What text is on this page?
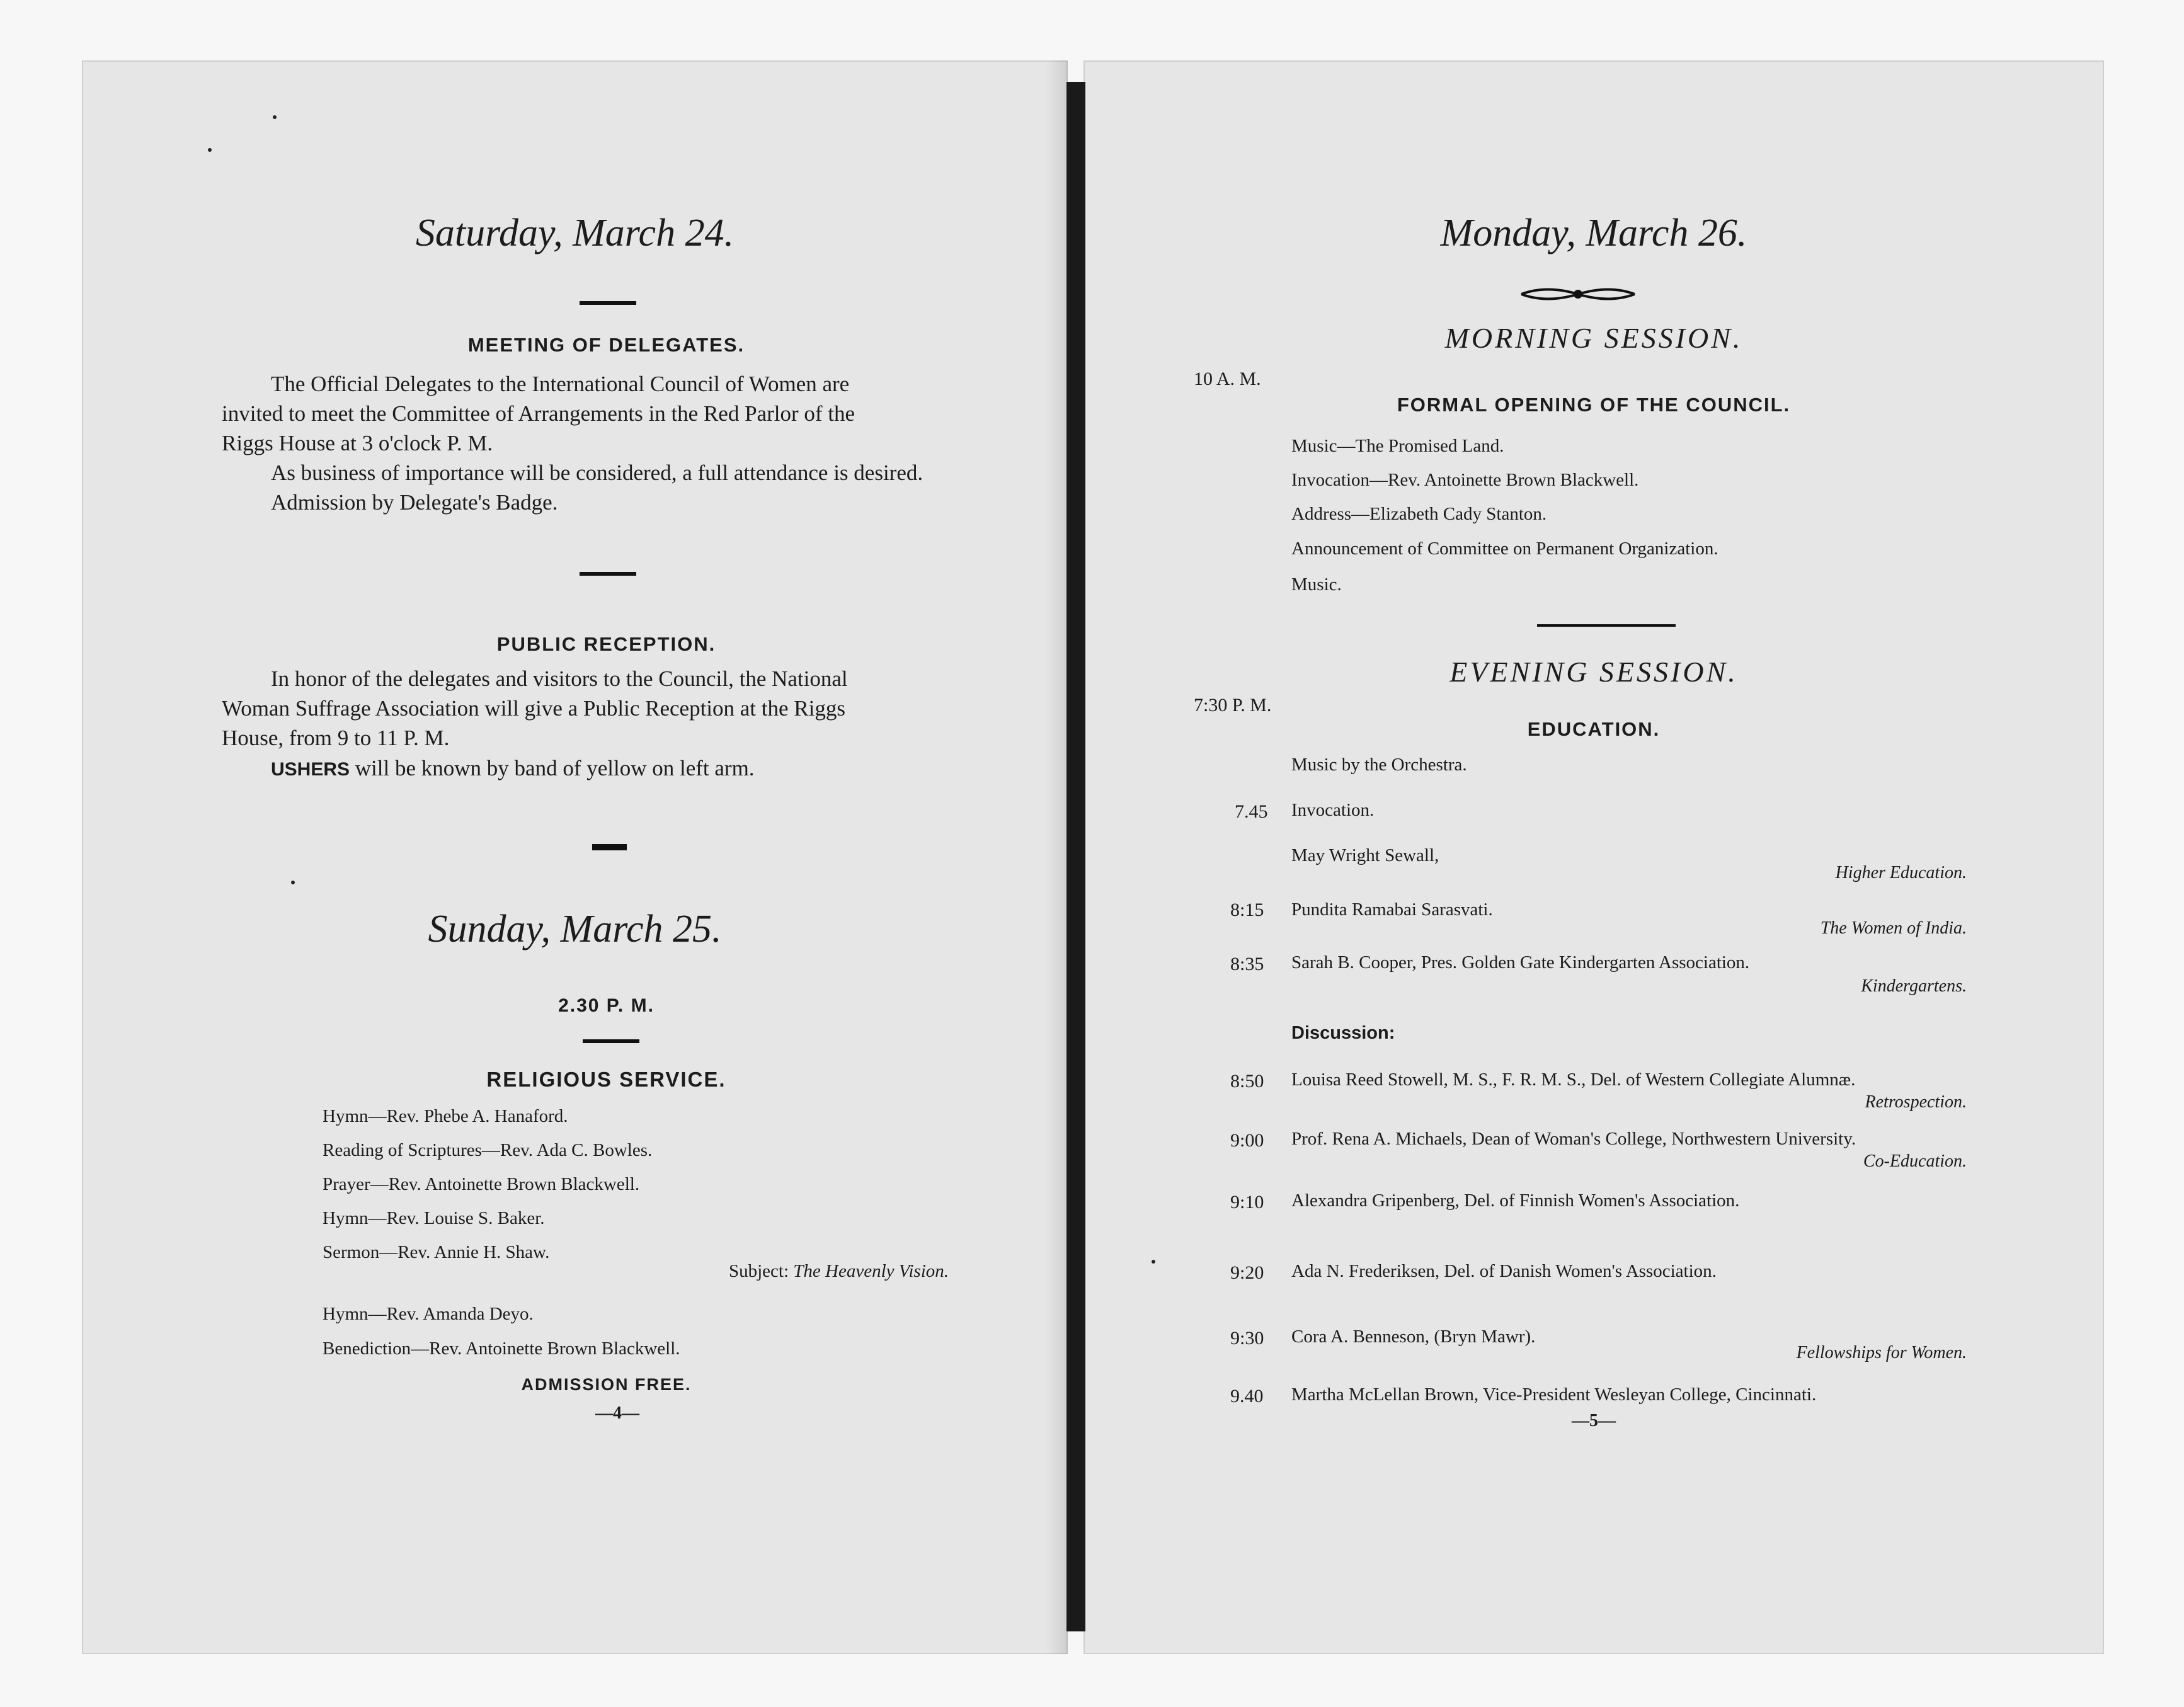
Saturday, March 24.
MEETING OF DELEGATES.
The Official Delegates to the International Council of Women are
invited to meet the Committee of Arrangements in the Red Parlor of the
Riggs House at 3 o'clock P. M.
As business of importance will be considered, a full attendance is desired.
Admission by Delegate's Badge.
PUBLIC RECEPTION.
In honor of the delegates and visitors to the Council, the National
Woman Suffrage Association will give a Public Reception at the Riggs
House, from 9 to 11 P. M.
USHERS will be known by band of yellow on left arm.
Sunday, March 25.
2.30 P. M.
RELIGIOUS SERVICE.
Hymn—Rev. Phebe A. Hanaford.
Reading of Scriptures—Rev. Ada C. Bowles.
Prayer—Rev. Antoinette Brown Blackwell.
Hymn—Rev. Louise S. Baker.
Sermon—Rev. Annie H. Shaw.
Subject: The Heavenly Vision.
Hymn—Rev. Amanda Deyo.
Benediction—Rev. Antoinette Brown Blackwell.
ADMISSION FREE.
—4—
Monday, March 26.
MORNING SESSION.
10 A. M.
FORMAL OPENING OF THE COUNCIL.
Music—The Promised Land.
Invocation—Rev. Antoinette Brown Blackwell.
Address—Elizabeth Cady Stanton.
Announcement of Committee on Permanent Organization.
Music.
EVENING SESSION.
7:30 P. M.
EDUCATION.
Music by the Orchestra.
7.45 Invocation.
May Wright Sewall,
Higher Education.
8:15 Pundita Ramabai Sarasvati.
The Women of India.
8:35 Sarah B. Cooper, Pres. Golden Gate Kindergarten Association.
Kindergartens.
Discussion:
8:50 Louisa Reed Stowell, M. S., F. R. M. S., Del. of Western Collegiate Alumnæ.
Retrospection.
9:00 Prof. Rena A. Michaels, Dean of Woman's College, Northwestern University.
Co-Education.
9:10 Alexandra Gripenberg, Del. of Finnish Women's Association.
9:20 Ada N. Frederiksen, Del. of Danish Women's Association.
9:30 Cora A. Benneson, (Bryn Mawr).
Fellowships for Women.
9.40 Martha McLellan Brown, Vice-President Wesleyan College, Cincinnati.
—5—
